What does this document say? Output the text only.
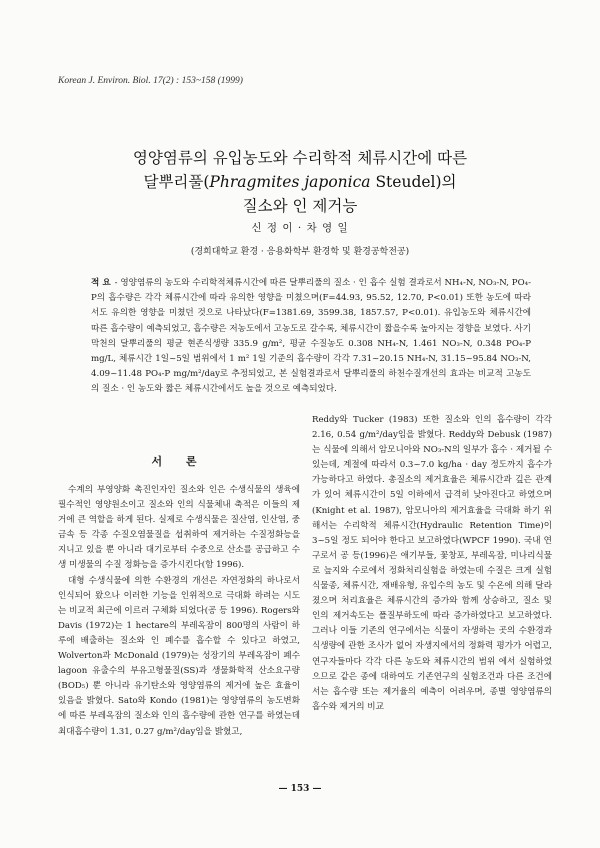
Korean J. Environ. Biol. 17(2) : 153~158 (1999)
영양염류의 유입농도와 수리학적 체류시간에 따른
달뿌리풀(Phragmites japonica Steudel)의
질소와 인 제거능
신 정 이 · 차 영 일
(경희대학교 환경 · 응용화학부 환경학 및 환경공학전공)
적 요 - 영양염류의 농도와 수리학적체류시간에 따른 달뿌리풀의 질소 · 인 흡수 실험 결과로서 NH₄-N, NO₃-N, PO₄-P의 흡수량은 각각 체류시간에 따라 유의한 영향을 미쳤으며(F=44.93, 95.52, 12.70, P<0.01) 또한 농도에 따라서도 유의한 영향을 미쳤던 것으로 나타났다(F=1381.69, 3599.38, 1857.57, P<0.01). 유입농도와 체류시간에 따른 흡수량이 예측되었고, 흡수량은 저농도에서 고농도로 갈수록, 체류시간이 짧을수록 높아지는 경향을 보였다. 사기막천의 달뿌리풀의 평균 현존식생량 335.9 g/m², 평균 수질농도 0.308 NH₄-N, 1.461 NO₃-N, 0.348 PO₄-P mg/L, 체류시간 1일~5일 범위에서 1 m² 1일 기준의 흡수량이 각각 7.31~20.15 NH₄-N, 31.15~95.84 NO₃-N, 4.09~11.48 PO₄-P mg/m²/day로 추정되었고, 본 실험결과로서 달뿌리풀의 하천수질개선의 효과는 비교적 고농도의 질소 · 인 농도와 짧은 체류시간에서도 높을 것으로 예측되었다.
서 론

수계의 부영양화 촉진인자인 질소와 인은 수생식물의 생육에 필수적인 영양원소이고 질소와 인의 식물체내 축적은 이들의 제거에 큰 역할을 하게 된다. 실제로 수생식물은 질산염, 인산염, 중금속 등 각종 수질오염물질을 섭취하여 제거하는 수질정화능을 지니고 있을 뿐 아니라 대기로부터 수중으로 산소를 공급하고 수생 미생물의 수질 정화능을 증가시킨다(함 1996).

대형 수생식물에 의한 수환경의 개선은 자연정화의 하나로서 인식되어 왔으나 이러한 기능을 인위적으로 극대화 하려는 시도는 비교적 최근에 이르러 구체화 되었다(공 등 1996). Rogers와 Davis (1972)는 1 hectare의 부레옥잠이 800명의 사람이 하루에 배출하는 질소와 인 폐수를 흡수할 수 있다고 하였고, Wolverton과 McDonald (1979)는 성장기의 부레옥잠이 폐수 lagoon 유출수의 부유고형물질(SS)과 생물화학적 산소요구량(BOD₅) 뿐 아니라 유기탄소와 영양염류의 제거에 높은 효율이 있음을 밝혔다. Sato와 Kondo (1981)는 영양염류의 농도변화에 따른 부레옥잠의 질소와 인의 흡수량에 관한 연구를 하였는데 최대흡수량이 1.31, 0.27 g/m²/day임을 밝혔고,

Reddy와 Tucker (1983) 또한 질소와 인의 흡수량이 각각 2.16, 0.54 g/m²/day임을 밝혔다. Reddy와 Debusk (1987)는 식물에 의해서 암모니아와 NO₃-N의 일부가 흡수 · 제거될 수 있는데, 계절에 따라서 0.3~7.0 kg/ha · day 정도까지 흡수가 가능하다고 하였다. 총질소의 제거효율은 체류시간과 깊은 관계가 있어 체류시간이 5일 이하에서 급격히 낮아진다고 하였으며 (Knight et al. 1987), 암모니아의 제거효율을 극대화 하기 위해서는 수리학적 체류시간(Hydraulic Retention Time)이 3~5일 정도 되어야 한다고 보고하였다(WPCF 1990). 국내 연구로서 공 등(1996)은 애기부들, 꽃창포, 부레옥잠, 미나리식물로 늪지와 수로에서 정화처리실험을 하였는데 수질은 크게 실험 식물종, 체류시간, 재배유형, 유입수의 농도 및 수온에 의해 달라졌으며 처리효율은 체류시간의 증가와 함께 상승하고, 질소 및 인의 제거속도는 폴질부하도에 따라 증가하였다고 보고하였다. 그러나 이들 기존의 연구에서는 식물이 자생하는 곳의 수환경과 식생량에 관한 조사가 없어 자생지에서의 정화력 평가가 어렵고, 연구자들마다 각각 다른 농도와 체류시간의 범위 에서 실험하였으므로 같은 종에 대하여도 기존연구의 실험조건과 다른 조건에서는 흡수량 또는 제거율의 예측이 어려우며, 종별 영양염류의 흡수와 제거의 비교

— 153 —
